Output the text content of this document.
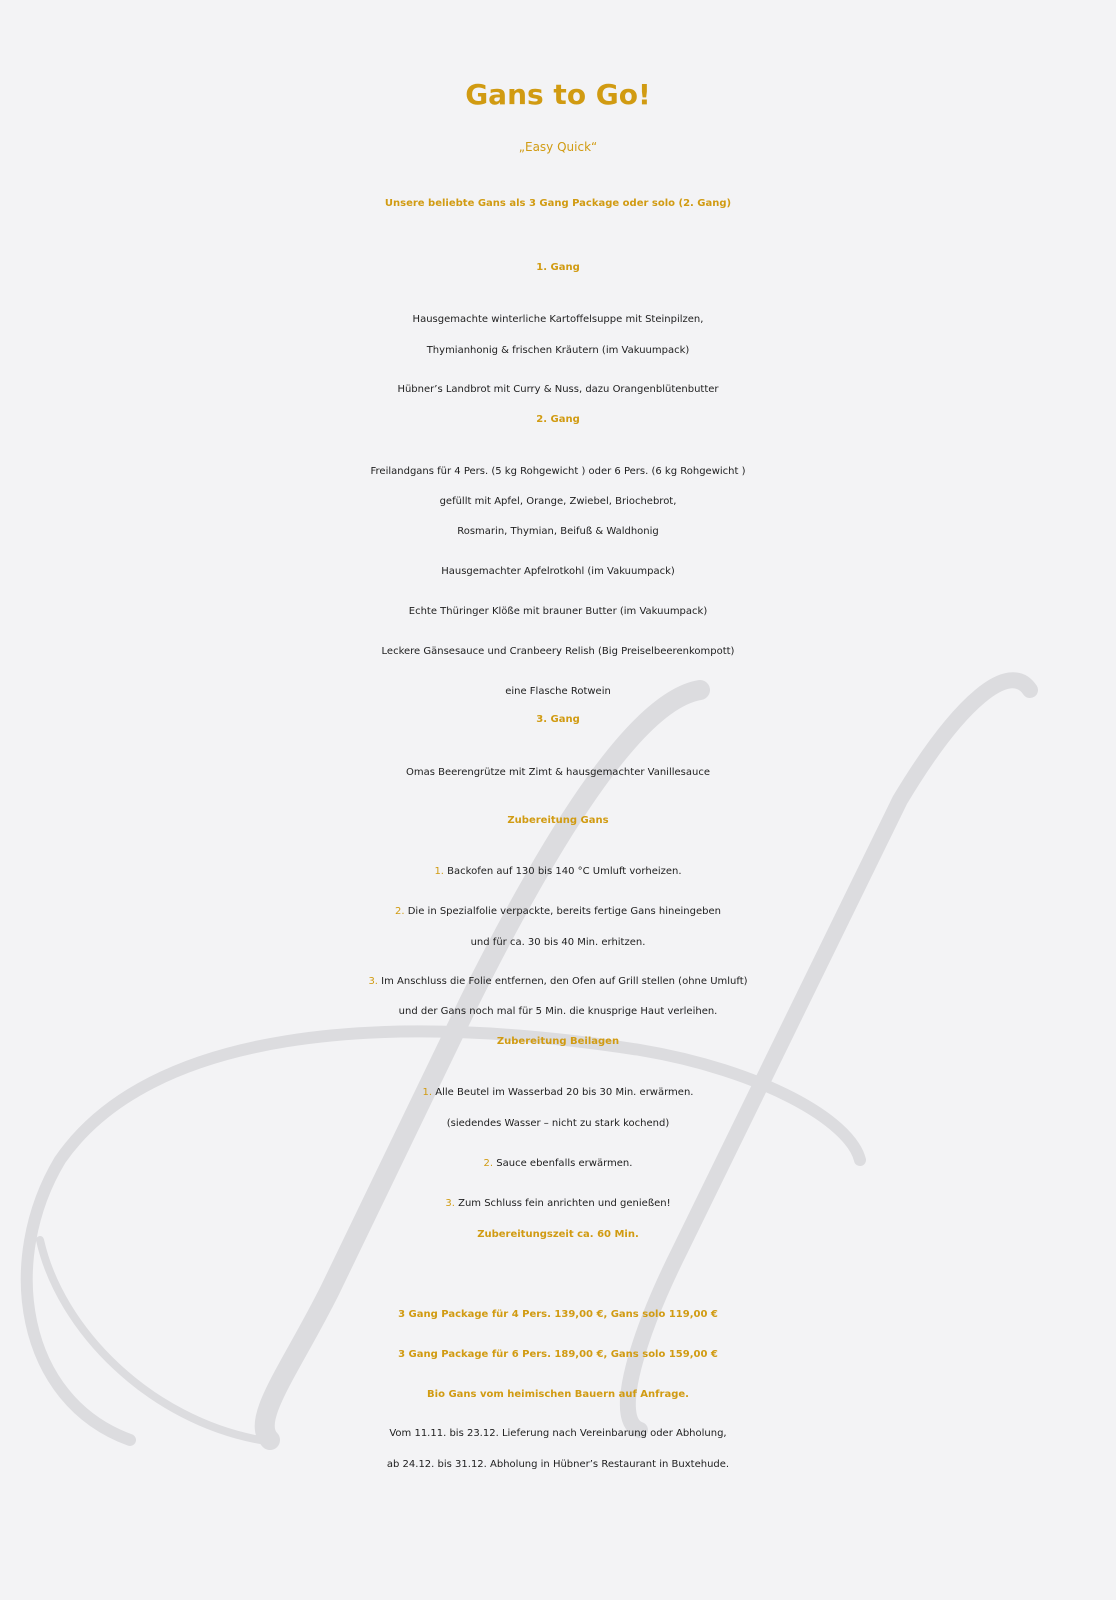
Gans to Go!
„Easy Quick“
Unsere beliebte Gans als 3 Gang Package oder solo (2. Gang)
1. Gang
Hausgemachte winterliche Kartoffelsuppe mit Steinpilzen,
Thymianhonig & frischen Kräutern (im Vakuumpack)
Hübner’s Landbrot mit Curry & Nuss, dazu Orangenblütenbutter
2. Gang
Freilandgans für 4 Pers. (5 kg Rohgewicht ) oder 6 Pers. (6 kg Rohgewicht )
gefüllt mit Apfel, Orange, Zwiebel, Briochebrot,
Rosmarin, Thymian, Beifuß & Waldhonig
Hausgemachter Apfelrotkohl (im Vakuumpack)
Echte Thüringer Klöße mit brauner Butter (im Vakuumpack)
Leckere Gänsesauce und Cranbeery Relish (Big Preiselbeerenkompott)
eine Flasche Rotwein
3. Gang
Omas Beerengrütze mit Zimt & hausgemachter Vanillesauce
Zubereitung Gans
1. Backofen auf 130 bis 140 °C Umluft vorheizen.
2. Die in Spezialfolie verpackte, bereits fertige Gans hineingeben
und für ca. 30 bis 40 Min. erhitzen.
3. Im Anschluss die Folie entfernen, den Ofen auf Grill stellen (ohne Umluft)
und der Gans noch mal für 5 Min. die knusprige Haut verleihen.
Zubereitung Beilagen
1. Alle Beutel im Wasserbad 20 bis 30 Min. erwärmen.
(siedendes Wasser – nicht zu stark kochend)
2. Sauce ebenfalls erwärmen.
3. Zum Schluss fein anrichten und genießen!
Zubereitungszeit ca. 60 Min.
3 Gang Package für 4 Pers. 139,00 €, Gans solo 119,00 €
3 Gang Package für 6 Pers. 189,00 €, Gans solo 159,00 €
Bio Gans vom heimischen Bauern auf Anfrage.
Vom 11.11. bis 23.12. Lieferung nach Vereinbarung oder Abholung,
ab 24.12. bis 31.12. Abholung in Hübner’s Restaurant in Buxtehude.
